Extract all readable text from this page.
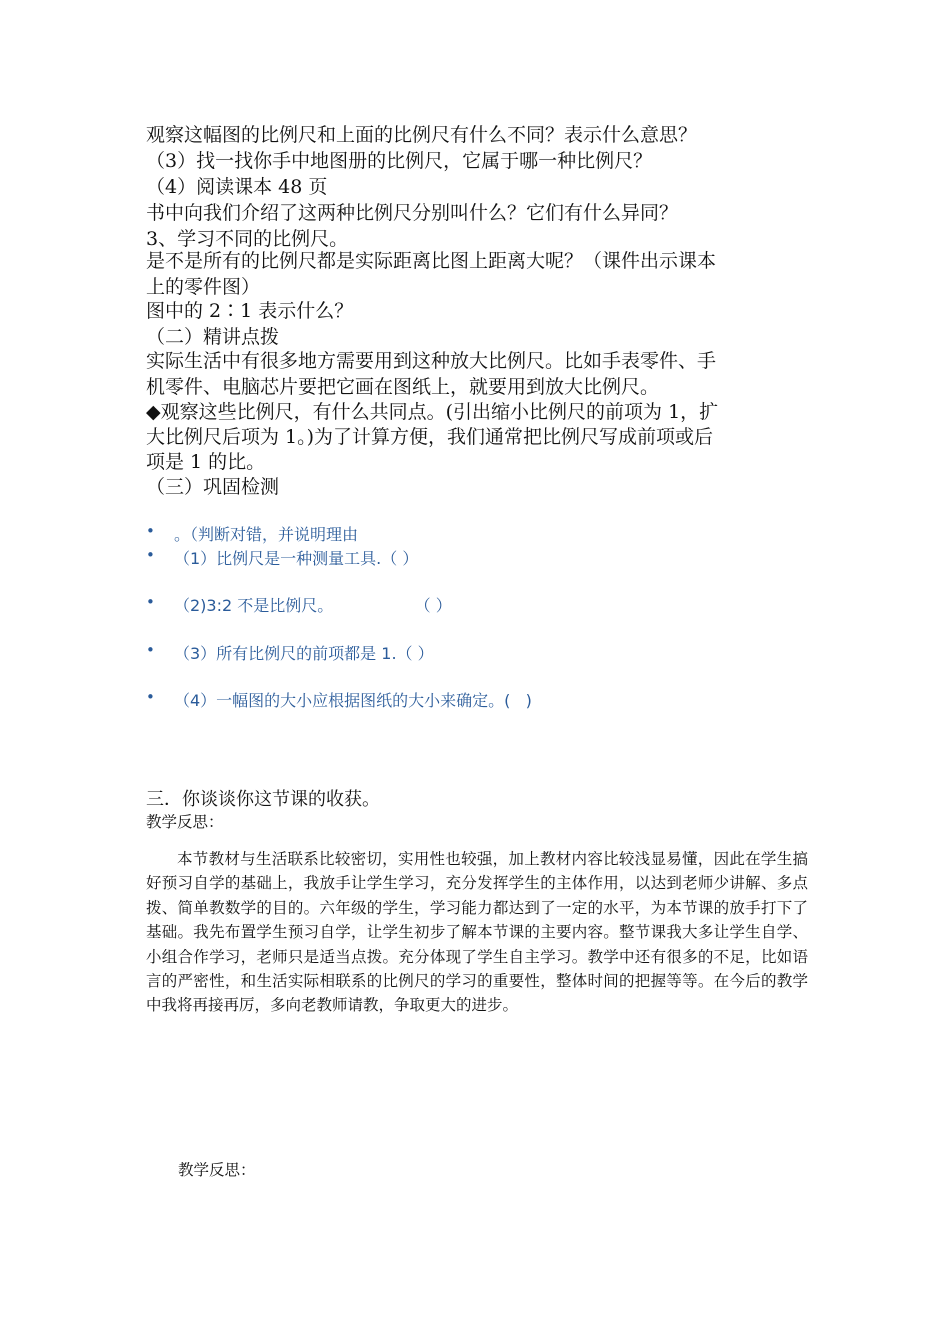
观察这幅图的比例尺和上面的比例尺有什么不同？表示什么意思？
（3）找一找你手中地图册的比例尺，它属于哪一种比例尺？
（4）阅读课本 48 页
书中向我们介绍了这两种比例尺分别叫什么？它们有什么异同？
3、学习不同的比例尺。
是不是所有的比例尺都是实际距离比图上距离大呢？（课件出示课本
上的零件图）
图中的 2∶1 表示什么？
（二）精讲点拨
实际生活中有很多地方需要用到这种放大比例尺。比如手表零件、手
机零件、电脑芯片要把它画在图纸上，就要用到放大比例尺。
◆观察这些比例尺，有什么共同点。(引出缩小比例尺的前项为 1，扩
大比例尺后项为 1。)为了计算方便，我们通常把比例尺写成前项或后
项是 1 的比。
（三）巩固检测
• 。（判断对错，并说明理由
• （1）比例尺是一种测量工具.（ ）
• （2)3:2 不是比例尺。                （ ）
• （3）所有比例尺的前项都是 1.（ ）
• （4）一幅图的大小应根据图纸的大小来确定。(   )
三．你谈谈你这节课的收获。
教学反思：
本节教材与生活联系比较密切，实用性也较强，加上教材内容比较浅显易懂，因此在学生搞好预习自学的基础上，我放手让学生学习，充分发挥学生的主体作用，以达到老师少讲解、多点拨、简单教数学的目的。六年级的学生，学习能力都达到了一定的水平，为本节课的放手打下了基础。我先布置学生预习自学，让学生初步了解本节课的主要内容。整节课我大多让学生自学、小组合作学习，老师只是适当点拨。充分体现了学生自主学习。教学中还有很多的不足，比如语言的严密性，和生活实际相联系的比例尺的学习的重要性，整体时间的把握等等。在今后的教学中我将再接再厉，多向老教师请教，争取更大的进步。
教学反思：
